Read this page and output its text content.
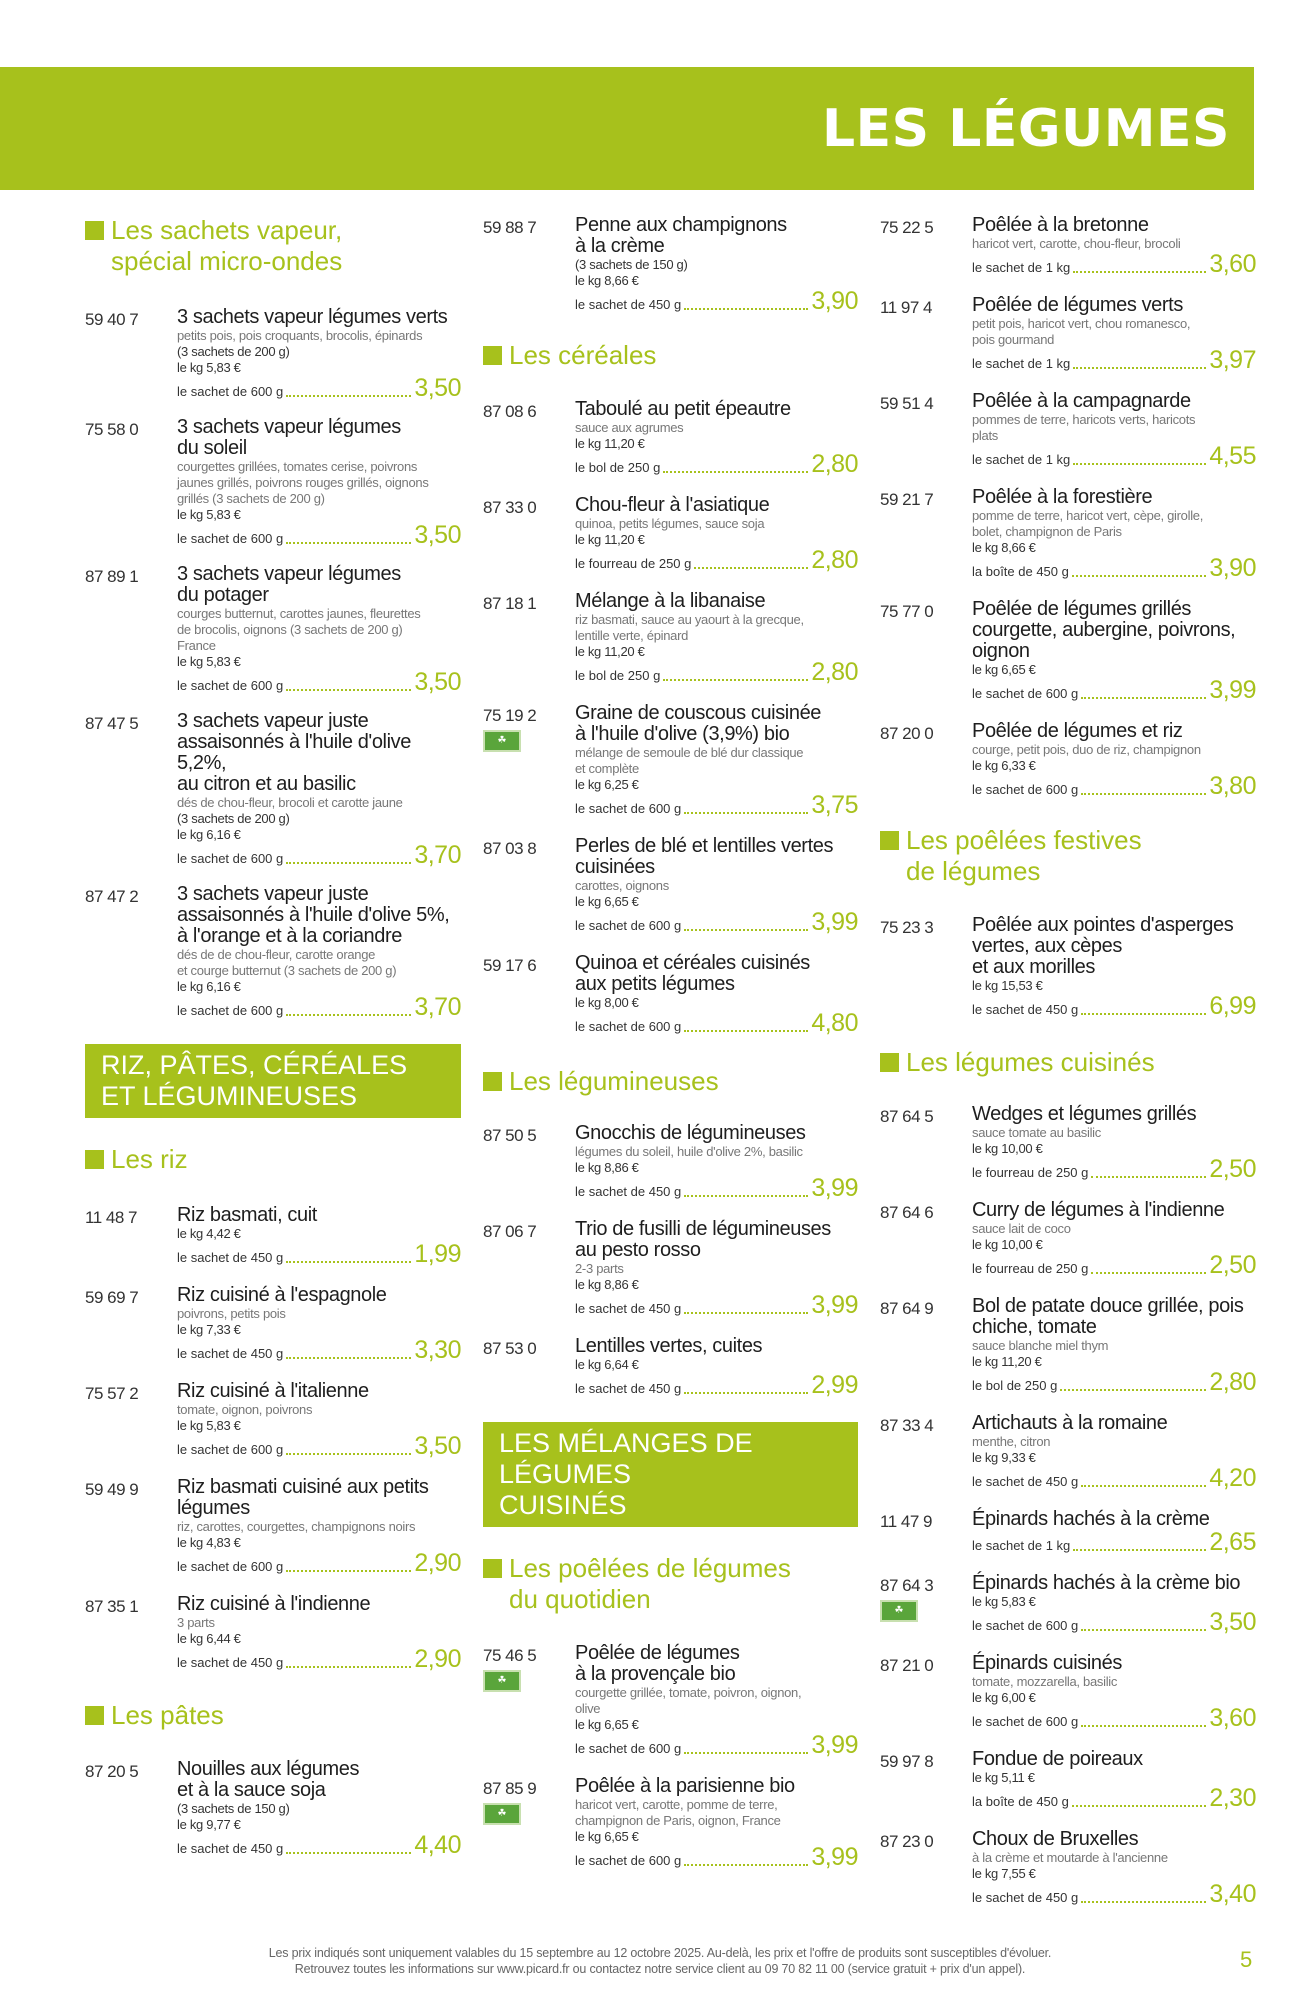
LES LÉGUMES
Les sachets vapeur,
spécial micro-ondes
59 40 7	3 sachets vapeur légumes verts
petits pois, pois croquants, brocolis, épinards
(3 sachets de 200 g)
le kg 5,83 €
le sachet de 600 g	3,50
75 58 0	3 sachets vapeur légumes
du soleil
courgettes grillées, tomates cerise, poivrons
jaunes grillés, poivrons rouges grillés, oignons
grillés (3 sachets de 200 g)
le kg 5,83 €
le sachet de 600 g	3,50
87 89 1	3 sachets vapeur légumes
du potager
courges butternut, carottes jaunes, fleurettes
de brocolis, oignons (3 sachets de 200 g)
France
le kg 5,83 €
le sachet de 600 g	3,50
87 47 5	3 sachets vapeur juste
assaisonnés à l'huile d'olive 5,2%,
au citron et au basilic
dés de chou-fleur, brocoli et carotte jaune
(3 sachets de 200 g)
le kg 6,16 €
le sachet de 600 g	3,70
87 47 2	3 sachets vapeur juste
assaisonnés à l'huile d'olive 5%,
à l'orange et à la coriandre
dés de de chou-fleur, carotte orange
et courge butternut (3 sachets de 200 g)
le kg 6,16 €
le sachet de 600 g	3,70
RIZ, PÂTES, CÉRÉALES
ET LÉGUMINEUSES
Les riz
11 48 7	Riz basmati, cuit
le kg 4,42 €
le sachet de 450 g	1,99
59 69 7	Riz cuisiné à l'espagnole
poivrons, petits pois
le kg 7,33 €
le sachet de 450 g	3,30
75 57 2	Riz cuisiné à l'italienne
tomate, oignon, poivrons
le kg 5,83 €
le sachet de 600 g	3,50
59 49 9	Riz basmati cuisiné aux petits
légumes
riz, carottes, courgettes, champignons noirs
le kg 4,83 €
le sachet de 600 g	2,90
87 35 1	Riz cuisiné à l'indienne
3 parts
le kg 6,44 €
le sachet de 450 g	2,90
Les pâtes
87 20 5	Nouilles aux légumes
et à la sauce soja
(3 sachets de 150 g)
le kg 9,77 €
le sachet de 450 g	4,40
59 88 7	Penne aux champignons
à la crème
(3 sachets de 150 g)
le kg 8,66 €
le sachet de 450 g	3,90
Les céréales
87 08 6	Taboulé au petit épeautre
sauce aux agrumes
le kg 11,20 €
le bol de 250 g	2,80
87 33 0	Chou-fleur à l'asiatique
quinoa, petits légumes, sauce soja
le kg 11,20 €
le fourreau de 250 g	2,80
87 18 1	Mélange à la libanaise
riz basmati, sauce au yaourt à la grecque,
lentille verte, épinard
le kg 11,20 €
le bol de 250 g	2,80
75 19 2
☘
Graine de couscous cuisinée
à l'huile d'olive (3,9%) bio
mélange de semoule de blé dur classique
et complète
le kg 6,25 €
le sachet de 600 g	3,75
87 03 8	Perles de blé et lentilles vertes
cuisinées
carottes, oignons
le kg 6,65 €
le sachet de 600 g	3,99
59 17 6	Quinoa et céréales cuisinés
aux petits légumes
le kg 8,00 €
le sachet de 600 g	4,80
Les légumineuses
87 50 5	Gnocchis de légumineuses
légumes du soleil, huile d'olive 2%, basilic
le kg 8,86 €
le sachet de 450 g	3,99
87 06 7	Trio de fusilli de légumineuses
au pesto rosso
2-3 parts
le kg 8,86 €
le sachet de 450 g	3,99
87 53 0	Lentilles vertes, cuites
le kg 6,64 €
le sachet de 450 g	2,99
LES MÉLANGES DE LÉGUMES
CUISINÉS
Les poêlées de légumes
du quotidien
75 46 5
☘
Poêlée de légumes
à la provençale bio
courgette grillée, tomate, poivron, oignon,
olive
le kg 6,65 €
le sachet de 600 g	3,99
87 85 9
☘
Poêlée à la parisienne bio
haricot vert, carotte, pomme de terre,
champignon de Paris, oignon, France
le kg 6,65 €
le sachet de 600 g	3,99
75 22 5	Poêlée à la bretonne
haricot vert, carotte, chou-fleur, brocoli
le sachet de 1 kg	3,60
11 97 4	Poêlée de légumes verts
petit pois, haricot vert, chou romanesco,
pois gourmand
le sachet de 1 kg	3,97
59 51 4	Poêlée à la campagnarde
pommes de terre, haricots verts, haricots
plats
le sachet de 1 kg	4,55
59 21 7	Poêlée à la forestière
pomme de terre, haricot vert, cèpe, girolle,
bolet, champignon de Paris
le kg 8,66 €
la boîte de 450 g	3,90
75 77 0	Poêlée de légumes grillés
courgette, aubergine, poivrons,
oignon
le kg 6,65 €
le sachet de 600 g	3,99
87 20 0	Poêlée de légumes et riz
courge, petit pois, duo de riz, champignon
le kg 6,33 €
le sachet de 600 g	3,80
Les poêlées festives
de légumes
75 23 3	Poêlée aux pointes d'asperges
vertes, aux cèpes
et aux morilles
le kg 15,53 €
le sachet de 450 g	6,99
Les légumes cuisinés
87 64 5	Wedges et légumes grillés
sauce tomate au basilic
le kg 10,00 €
le fourreau de 250 g	2,50
87 64 6	Curry de légumes à l'indienne
sauce lait de coco
le kg 10,00 €
le fourreau de 250 g	2,50
87 64 9	Bol de patate douce grillée, pois
chiche, tomate
sauce blanche miel thym
le kg 11,20 €
le bol de 250 g	2,80
87 33 4	Artichauts à la romaine
menthe, citron
le kg 9,33 €
le sachet de 450 g	4,20
11 47 9	Épinards hachés à la crème
le sachet de 1 kg	2,65
87 64 3
☘
Épinards hachés à la crème bio
le kg 5,83 €
le sachet de 600 g	3,50
87 21 0	Épinards cuisinés
tomate, mozzarella, basilic
le kg 6,00 €
le sachet de 600 g	3,60
59 97 8	Fondue de poireaux
le kg 5,11 €
la boîte de 450 g	2,30
87 23 0	Choux de Bruxelles
à la crème et moutarde à l'ancienne
le kg 7,55 €
le sachet de 450 g	3,40
Les prix indiqués sont uniquement valables du 15 septembre au 12 octobre 2025. Au-delà, les prix et l'offre de produits sont susceptibles d'évoluer.
Retrouvez toutes les informations sur www.picard.fr ou contactez notre service client au 09 70 82 11 00 (service gratuit + prix d'un appel).	5
